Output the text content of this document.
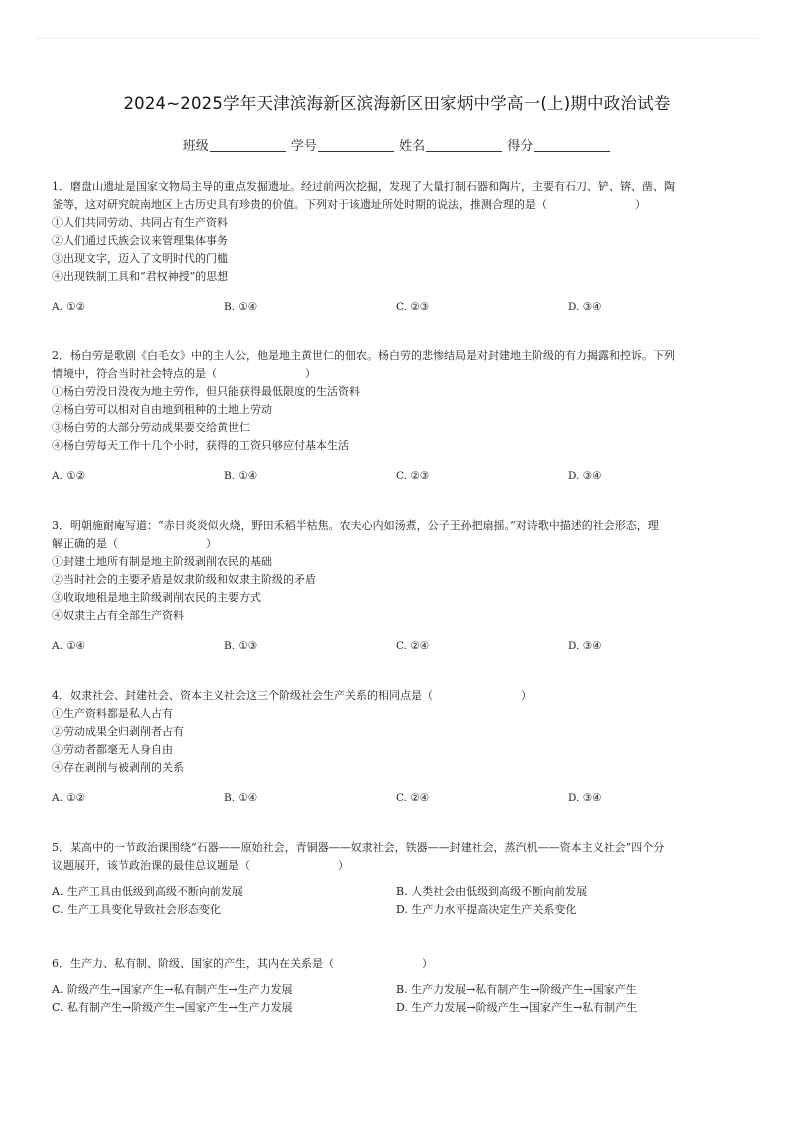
2024~2025学年天津滨海新区滨海新区田家炳中学高一(上)期中政治试卷
班级	学号	姓名	得分

1．磨盘山遗址是国家文物局主导的重点发掘遗址。经过前两次挖掘，发现了大量打制石器和陶片，主要有石刀、铲、锛、凿、陶

釜等，这对研究皖南地区上古历史具有珍贵的价值。下列对于该遗址所处时期的说法，推测合理的是（　　　　　　　　）

①人们共同劳动、共同占有生产资料

②人们通过氏族会议来管理集体事务

③出现文字，迈入了文明时代的门槛

④出现铁制工具和“君权神授”的思想

A. ①②	B. ①④	C. ②③	D. ③④

2．杨白劳是歌剧《白毛女》中的主人公，他是地主黄世仁的佃农。杨白劳的悲惨结局是对封建地主阶级的有力揭露和控诉。下列

情境中，符合当时社会特点的是（　　　　　　　　）

①杨白劳没日没夜为地主劳作，但只能获得最低限度的生活资料

②杨白劳可以相对自由地到租种的土地上劳动

③杨白劳的大部分劳动成果要交给黄世仁

④杨白劳每天工作十几个小时，获得的工资只够应付基本生活

A. ①②	B. ①④	C. ②③	D. ③④

3．明朝施耐庵写道：“赤日炎炎似火烧，野田禾稻半枯焦。农夫心内如汤煮，公子王孙把扇摇。”对诗歌中描述的社会形态，理

解正确的是（　　　　　　　　）

①封建土地所有制是地主阶级剥削农民的基础

②当时社会的主要矛盾是奴隶阶级和奴隶主阶级的矛盾

③收取地租是地主阶级剥削农民的主要方式

④奴隶主占有全部生产资料

A. ①④	B. ①③	C. ②④	D. ③④

4．奴隶社会、封建社会、资本主义社会这三个阶级社会生产关系的相同点是（　　　　　　　　）

①生产资料都是私人占有

②劳动成果全归剥削者占有

③劳动者都毫无人身自由

④存在剥削与被剥削的关系

A. ①②	B. ①④	C. ②④	D. ③④

5．某高中的一节政治课围绕“石器——原始社会，青铜器——奴隶社会，铁器——封建社会，蒸汽机——资本主义社会”四个分

议题展开，该节政治课的最佳总议题是（　　　　　　　　）

A. 生产工具由低级到高级不断向前发展	B. 人类社会由低级到高级不断向前发展
C. 生产工具变化导致社会形态变化	D. 生产力水平提高决定生产关系变化

6．生产力、私有制、阶级、国家的产生，其内在关系是（　　　　　　　　）

A. 阶级产生→国家产生→私有制产生→生产力发展	B. 生产力发展→私有制产生→阶级产生→国家产生
C. 私有制产生→阶级产生→国家产生→生产力发展	D. 生产力发展→阶级产生→国家产生→私有制产生
